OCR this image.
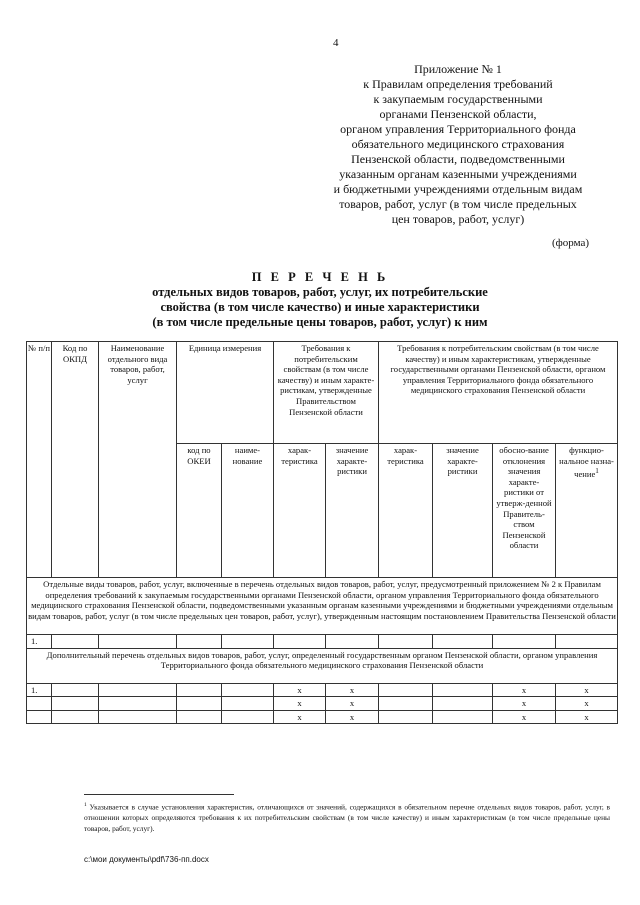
4
Приложение № 1
к Правилам определения требований
к закупаемым государственными
органами Пензенской области,
органом управления Территориального фонда
обязательного медицинского страхования
Пензенской области, подведомственными
указанным органам казенными учреждениями
и бюджетными учреждениями отдельным видам
товаров, работ, услуг (в том числе предельных
цен товаров, работ, услуг)
(форма)
П Е Р Е Ч Е Н Ь
отдельных видов товаров, работ, услуг, их потребительские
свойства (в том числе качество) и иные характеристики
(в том числе предельные цены товаров, работ, услуг) к ним
№ п/п	Код по ОКПД	Наименование отдельного вида товаров, работ, услуг	Единица измерения		Требования к потребительским свойствам (в том числе качеству) и иным характе-ристикам, утвержденные Правительством Пензенской области		Требования к потребительским свойствам (в том числе качеству) и иным характеристикам, утвержденные государственными органами Пензенской области, органом управления Территориального фонда обязательного медицинского страхования Пензенской области			
			код по ОКЕИ	наиме-нование	харак-теристика	значение характе-ристики	харак-теристика	значение характе-ристики	обосно-вание отклонения значения характе-ристики от утверж-денной Правитель-ством Пензенской области	функцио-нальное назна-чение$^1$
Отдельные виды товаров, работ, услуг, включенные в перечень отдельных видов товаров, работ, услуг, предусмотренный приложением № 2 к Правилам определения требований к закупаемым государственными органами Пензенской области, органом управления Территориального фонда обязательного медицинского страхования Пензенской области, подведомственными указанным органам казенными учреждениями и бюджетными учреждениями отдельным видам товаров, работ, услуг (в том числе предельных цен товаров, работ, услуг), утвержденным настоящим постановлением Правительства Пензенской области										
1.										
Дополнительный перечень отдельных видов товаров, работ, услуг, определенный государственным органом Пензенской области, органом управления Территориального фонда обязательного медицинского страхования Пензенской области										
1.					x	x			x	x
					x	x			x	x
					x	x			x	x
$^1$ Указывается в случае установления характеристик, отличающихся от значений, содержащихся в обязательном перечне отдельных видов товаров, работ, услуг, в отношении которых определяются требования к их потребительским свойствам (в том числе качеству) и иным характеристикам (в том числе предельные цены товаров, работ, услуг).
c:\мои документы\pdf\736-пп.docx
